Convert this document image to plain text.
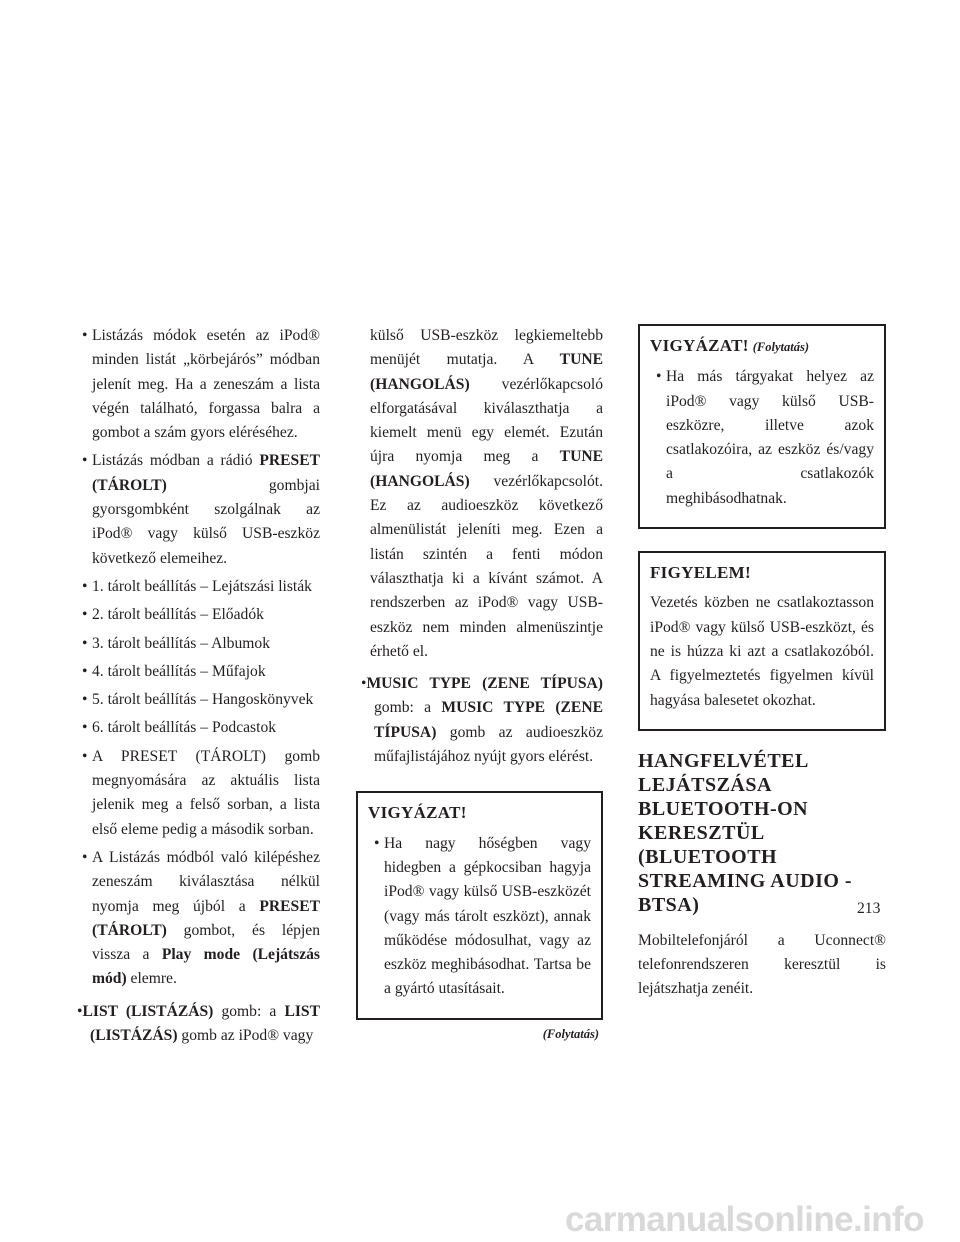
• Listázás módok esetén az iPod® minden listát „körbejárós” módban jelenít meg. Ha a zeneszám a lista végén található, forgassa balra a gombot a szám gyors eléréséhez.

• Listázás módban a rádió PRESET (TÁROLT) gombjai gyorsgombként szolgálnak az iPod® vagy külső USB-eszköz következő elemeihez.

• 1. tárolt beállítás – Lejátszási listák

• 2. tárolt beállítás – Előadók

• 3. tárolt beállítás – Albumok

• 4. tárolt beállítás – Műfajok

• 5. tárolt beállítás – Hangoskönyvek

• 6. tárolt beállítás – Podcastok

• A PRESET (TÁROLT) gomb megnyomására az aktuális lista jelenik meg a felső sorban, a lista első eleme pedig a második sorban.

• A Listázás módból való kilépéshez zeneszám kiválasztása nélkül nyomja meg újból a PRESET (TÁROLT) gombot, és lépjen vissza a Play mode (Lejátszás mód) elemre.

•LIST (LISTÁZÁS) gomb: a LIST (LISTÁZÁS) gomb az iPod® vagy

külső USB-eszköz legkiemeltebb menüjét mutatja. A TUNE (HANGOLÁS) vezérlőkapcsoló elforgatásával kiválaszthatja a kiemelt menü egy elemét. Ezután újra nyomja meg a TUNE (HANGOLÁS) vezérlőkapcsolót. Ez az audioeszköz következő almenülistát jeleníti meg. Ezen a listán szintén a fenti módon választhatja ki a kívánt számot. A rendszerben az iPod® vagy USB-eszköz nem minden almenüszintje érhető el.

•MUSIC TYPE (ZENE TÍPUSA) gomb: a MUSIC TYPE (ZENE TÍPUSA) gomb az audioeszköz műfajlistájához nyújt gyors elérést.

VIGYÁZAT!

• Ha nagy hőségben vagy hidegben a gépkocsiban hagyja iPod® vagy külső USB-eszközét (vagy más tárolt eszközt), annak működése módosulhat, vagy az eszköz meghibásodhat. Tartsa be a gyártó utasításait.

(Folytatás)
VIGYÁZAT! (Folytatás)

• Ha más tárgyakat helyez az iPod® vagy külső USB-eszközre, illetve azok csatlakozóira, az eszköz és/vagy a csatlakozók meghibásodhatnak.

FIGYELEM!

Vezetés közben ne csatlakoztasson iPod® vagy külső USB-eszközt, és ne is húzza ki azt a csatlakozóból. A figyelmeztetés figyelmen kívül hagyása balesetet okozhat.

HANGFELVÉTEL LEJÁTSZÁSA BLUETOOTH-ON KERESZTÜL (BLUETOOTH STREAMING AUDIO - BTSA)

Mobiltelefonjáról a Uconnect® telefonrendszeren keresztül is lejátszhatja zenéit.

213
carmanualsonline.info
